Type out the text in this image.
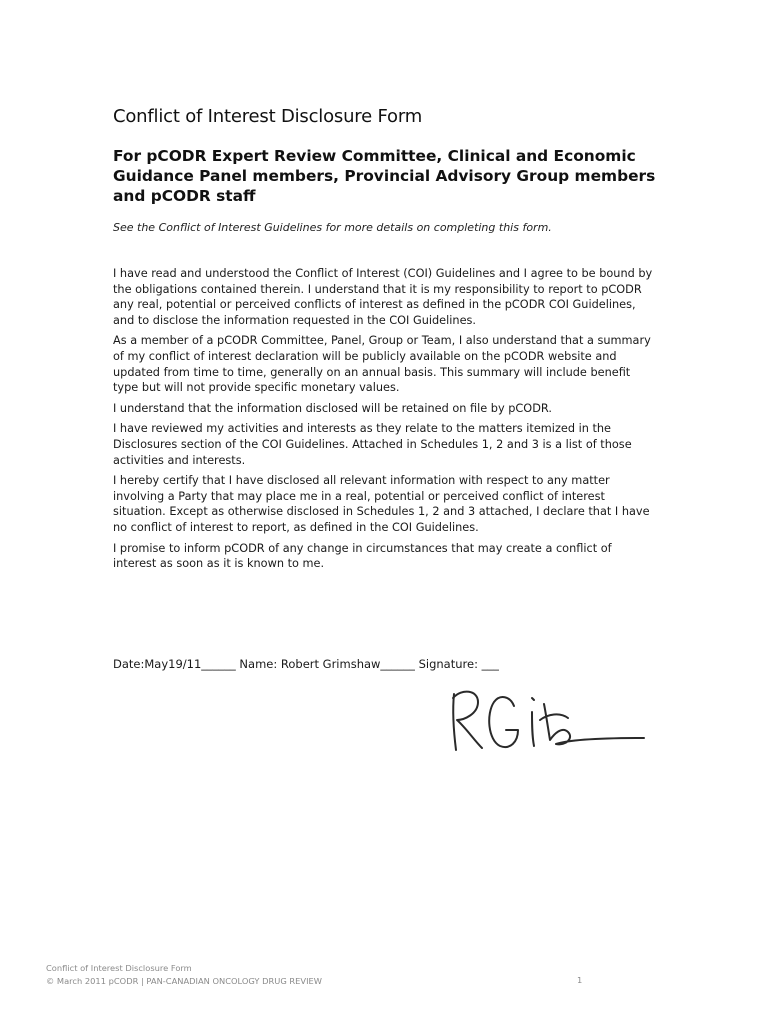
Conflict of Interest Disclosure Form
For pCODR Expert Review Committee, Clinical and Economic Guidance Panel members, Provincial Advisory Group members and pCODR staff

See the Conflict of Interest Guidelines for more details on completing this form.

I have read and understood the Conflict of Interest (COI) Guidelines and I agree to be bound by the obligations contained therein. I understand that it is my responsibility to report to pCODR any real, potential or perceived conflicts of interest as defined in the pCODR COI Guidelines, and to disclose the information requested in the COI Guidelines.

As a member of a pCODR Committee, Panel, Group or Team, I also understand that a summary of my conflict of interest declaration will be publicly available on the pCODR website and updated from time to time, generally on an annual basis. This summary will include benefit type but will not provide specific monetary values.

I understand that the information disclosed will be retained on file by pCODR.

I have reviewed my activities and interests as they relate to the matters itemized in the Disclosures section of the COI Guidelines. Attached in Schedules 1, 2 and 3 is a list of those activities and interests.

I hereby certify that I have disclosed all relevant information with respect to any matter involving a Party that may place me in a real, potential or perceived conflict of interest situation. Except as otherwise disclosed in Schedules 1, 2 and 3 attached, I declare that I have no conflict of interest to report, as defined in the COI Guidelines.

I promise to inform pCODR of any change in circumstances that may create a conflict of interest as soon as it is known to me.

Date:May19/11______ Name: Robert Grimshaw______ Signature: ___
Conflict of Interest Disclosure Form
© March 2011 pCODR | PAN-CANADIAN ONCOLOGY DRUG REVIEW	1
